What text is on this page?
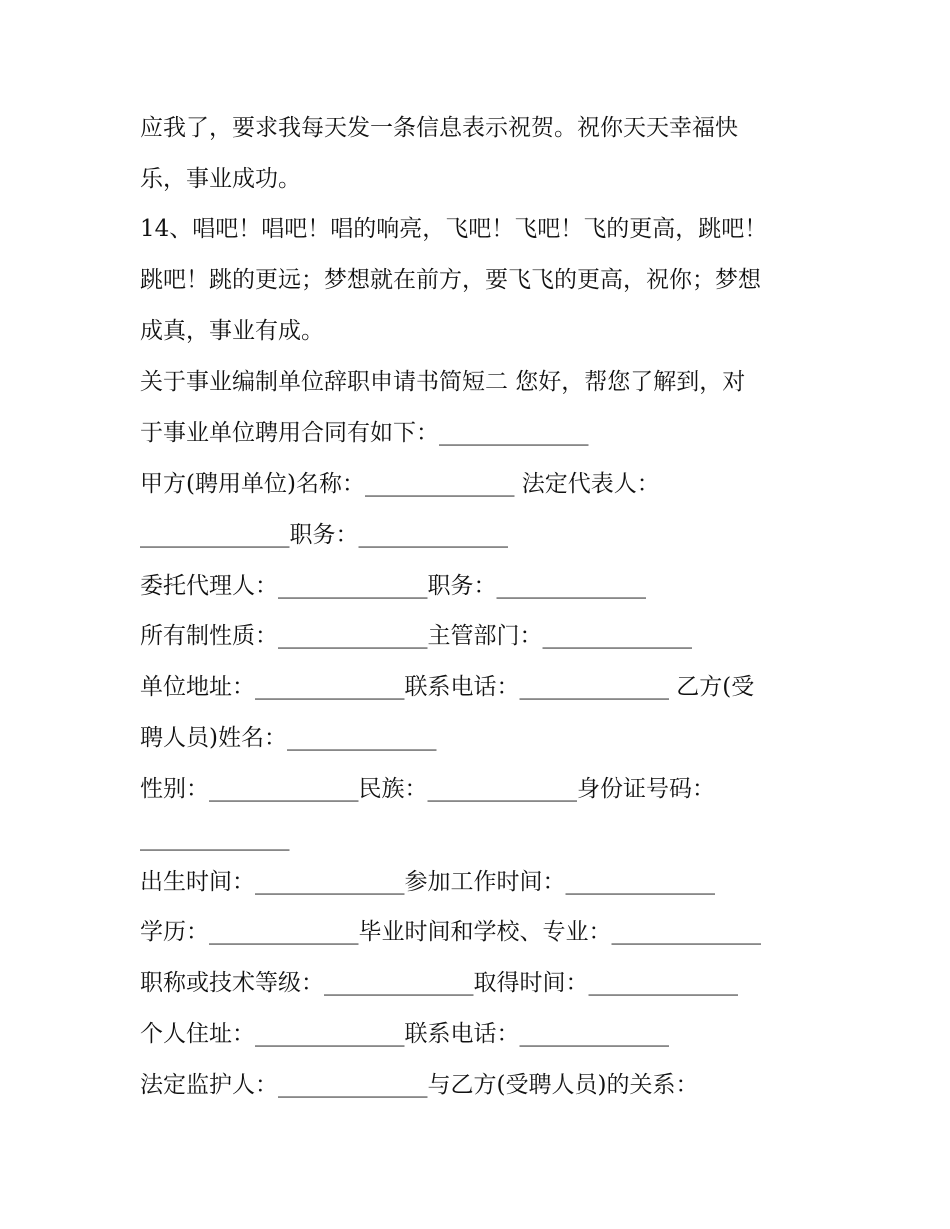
应我了，要求我每天发一条信息表示祝贺。祝你天天幸福快
乐，事业成功。
14、唱吧！唱吧！唱的响亮，飞吧！飞吧！飞的更高，跳吧！
跳吧！跳的更远；梦想就在前方，要飞飞的更高，祝你；梦想
成真，事业有成。
关于事业编制单位辞职申请书简短二 您好，帮您了解到，对
于事业单位聘用合同有如下：_____________
甲方(聘用单位)名称：_____________ 法定代表人：
_____________职务：_____________
委托代理人：_____________职务：_____________
所有制性质：_____________主管部门：_____________
单位地址：_____________联系电话：_____________ 乙方(受
聘人员)姓名：_____________
性别：_____________民族：_____________身份证号码：
_____________
出生时间：_____________参加工作时间：_____________
学历：_____________毕业时间和学校、专业：_____________
职称或技术等级：_____________取得时间：_____________
个人住址：_____________联系电话：_____________
法定监护人：_____________与乙方(受聘人员)的关系：
